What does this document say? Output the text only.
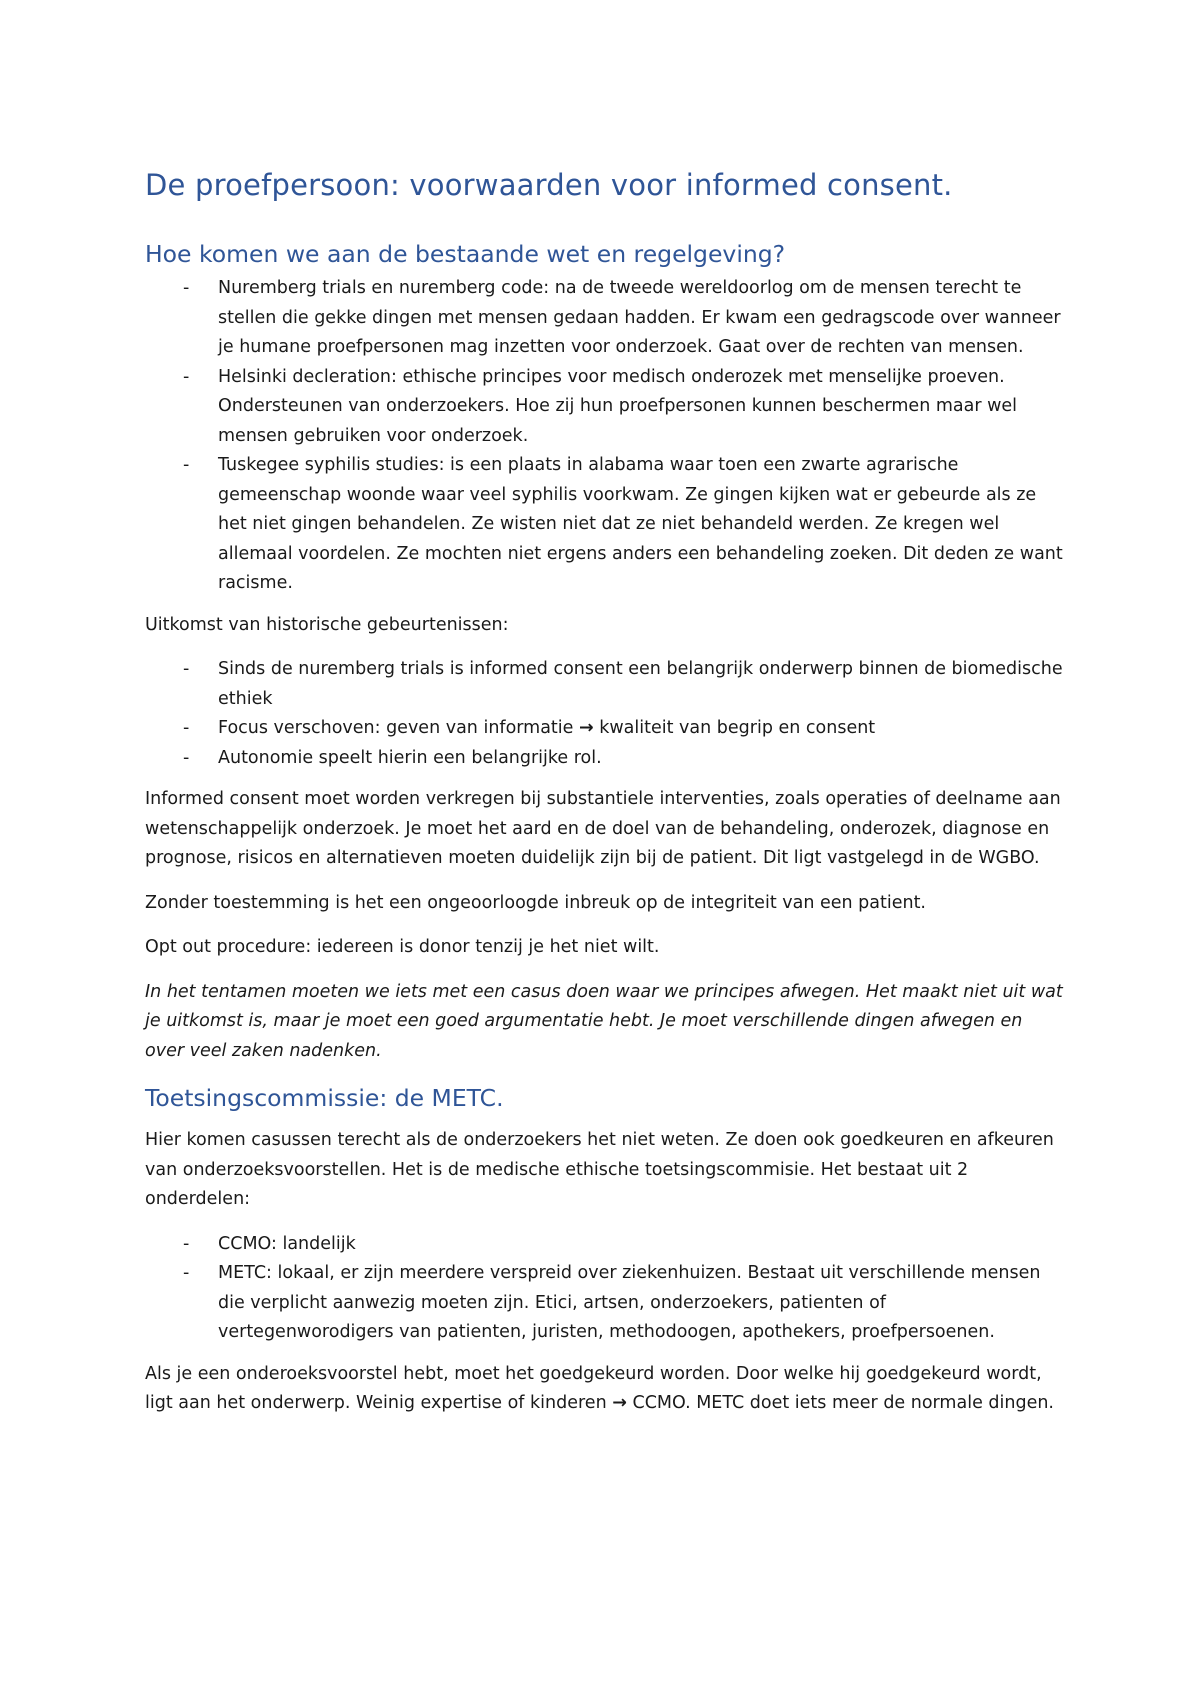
De proefpersoon: voorwaarden voor informed consent.
Hoe komen we aan de bestaande wet en regelgeving?
- Nuremberg trials en nuremberg code: na de tweede wereldoorlog om de mensen terecht te stellen die gekke dingen met mensen gedaan hadden. Er kwam een gedragscode over wanneer je humane proefpersonen mag inzetten voor onderzoek. Gaat over de rechten van mensen.
- Helsinki decleration: ethische principes voor medisch onderozek met menselijke proeven. Ondersteunen van onderzoekers. Hoe zij hun proefpersonen kunnen beschermen maar wel mensen gebruiken voor onderzoek.
- Tuskegee syphilis studies: is een plaats in alabama waar toen een zwarte agrarische gemeenschap woonde waar veel syphilis voorkwam. Ze gingen kijken wat er gebeurde als ze het niet gingen behandelen. Ze wisten niet dat ze niet behandeld werden. Ze kregen wel allemaal voordelen. Ze mochten niet ergens anders een behandeling zoeken. Dit deden ze want racisme.

Uitkomst van historische gebeurtenissen:

- Sinds de nuremberg trials is informed consent een belangrijk onderwerp binnen de biomedische ethiek
- Focus verschoven: geven van informatie → kwaliteit van begrip en consent
- Autonomie speelt hierin een belangrijke rol.

Informed consent moet worden verkregen bij substantiele interventies, zoals operaties of deelname aan wetenschappelijk onderzoek. Je moet het aard en de doel van de behandeling, onderozek, diagnose en prognose, risicos en alternatieven moeten duidelijk zijn bij de patient. Dit ligt vastgelegd in de WGBO.

Zonder toestemming is het een ongeoorloogde inbreuk op de integriteit van een patient.

Opt out procedure: iedereen is donor tenzij je het niet wilt.

In het tentamen moeten we iets met een casus doen waar we principes afwegen. Het maakt niet uit wat je uitkomst is, maar je moet een goed argumentatie hebt. Je moet verschillende dingen afwegen en over veel zaken nadenken.

Toetsingscommissie: de METC.

Hier komen casussen terecht als de onderzoekers het niet weten. Ze doen ook goedkeuren en afkeuren van onderzoeksvoorstellen. Het is de medische ethische toetsingscommisie. Het bestaat uit 2 onderdelen:

- CCMO: landelijk
- METC: lokaal, er zijn meerdere verspreid over ziekenhuizen. Bestaat uit verschillende mensen die verplicht aanwezig moeten zijn. Etici, artsen, onderzoekers, patienten of vertegenworodigers van patienten, juristen, methodoogen, apothekers, proefpersoenen.

Als je een onderoeksvoorstel hebt, moet het goedgekeurd worden. Door welke hij goedgekeurd wordt, ligt aan het onderwerp. Weinig expertise of kinderen → CCMO. METC doet iets meer de normale dingen.
